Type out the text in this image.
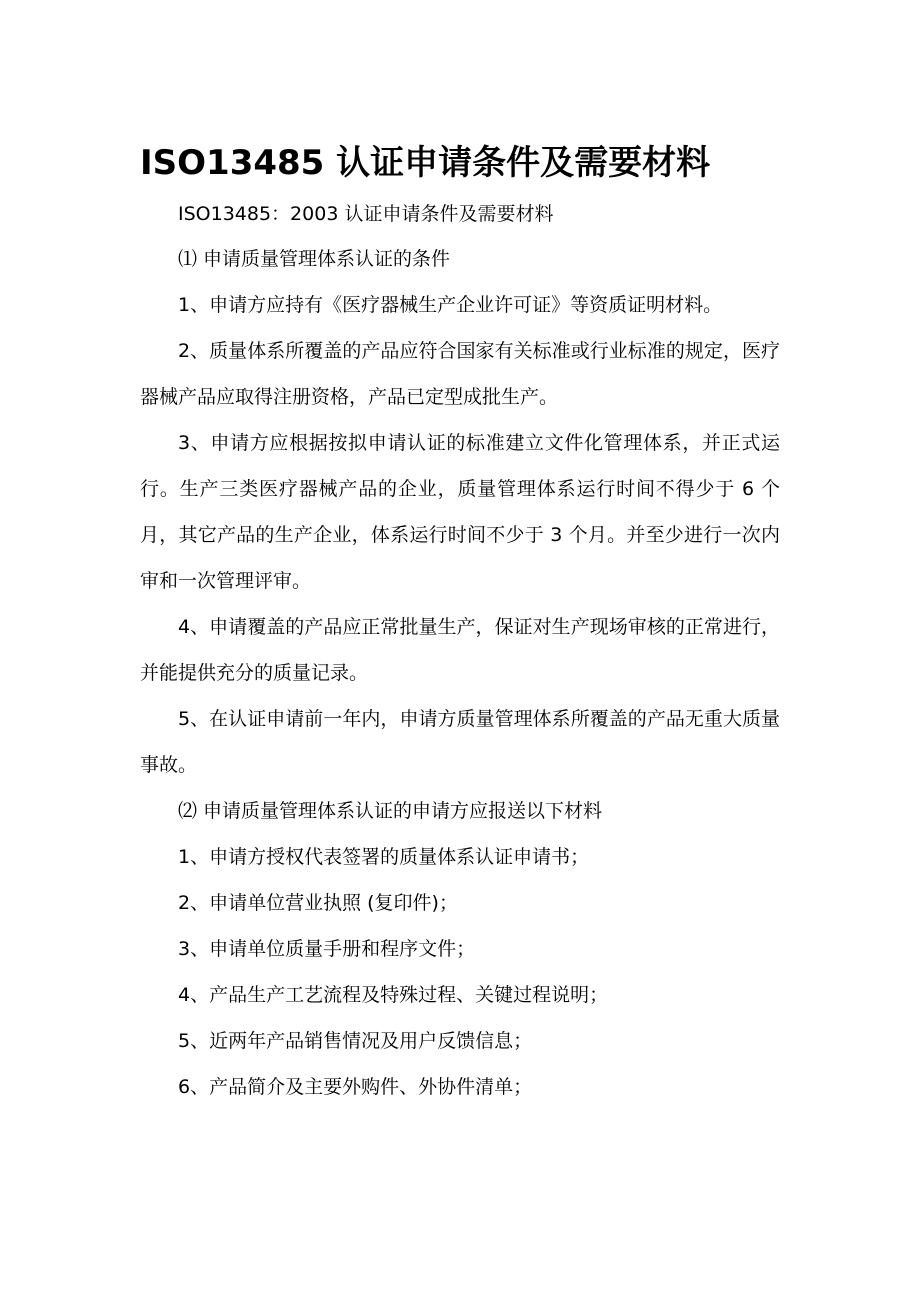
ISO13485 认证申请条件及需要材料

ISO13485：2003 认证申请条件及需要材料

⑴ 申请质量管理体系认证的条件

1、申请方应持有《医疗器械生产企业许可证》等资质证明材料。

2、质量体系所覆盖的产品应符合国家有关标准或行业标准的规定，医疗器械产品应取得注册资格，产品已定型成批生产。

3、申请方应根据按拟申请认证的标准建立文件化管理体系，并正式运行。生产三类医疗器械产品的企业，质量管理体系运行时间不得少于 6 个月，其它产品的生产企业，体系运行时间不少于 3 个月。并至少进行一次内审和一次管理评审。

4、申请覆盖的产品应正常批量生产，保证对生产现场审核的正常进行，并能提供充分的质量记录。

5、在认证申请前一年内，申请方质量管理体系所覆盖的产品无重大质量事故。

⑵ 申请质量管理体系认证的申请方应报送以下材料

1、申请方授权代表签署的质量体系认证申请书；

2、申请单位营业执照 (复印件)；

3、申请单位质量手册和程序文件；

4、产品生产工艺流程及特殊过程、关键过程说明；

5、近两年产品销售情况及用户反馈信息；

6、产品简介及主要外购件、外协件清单；
